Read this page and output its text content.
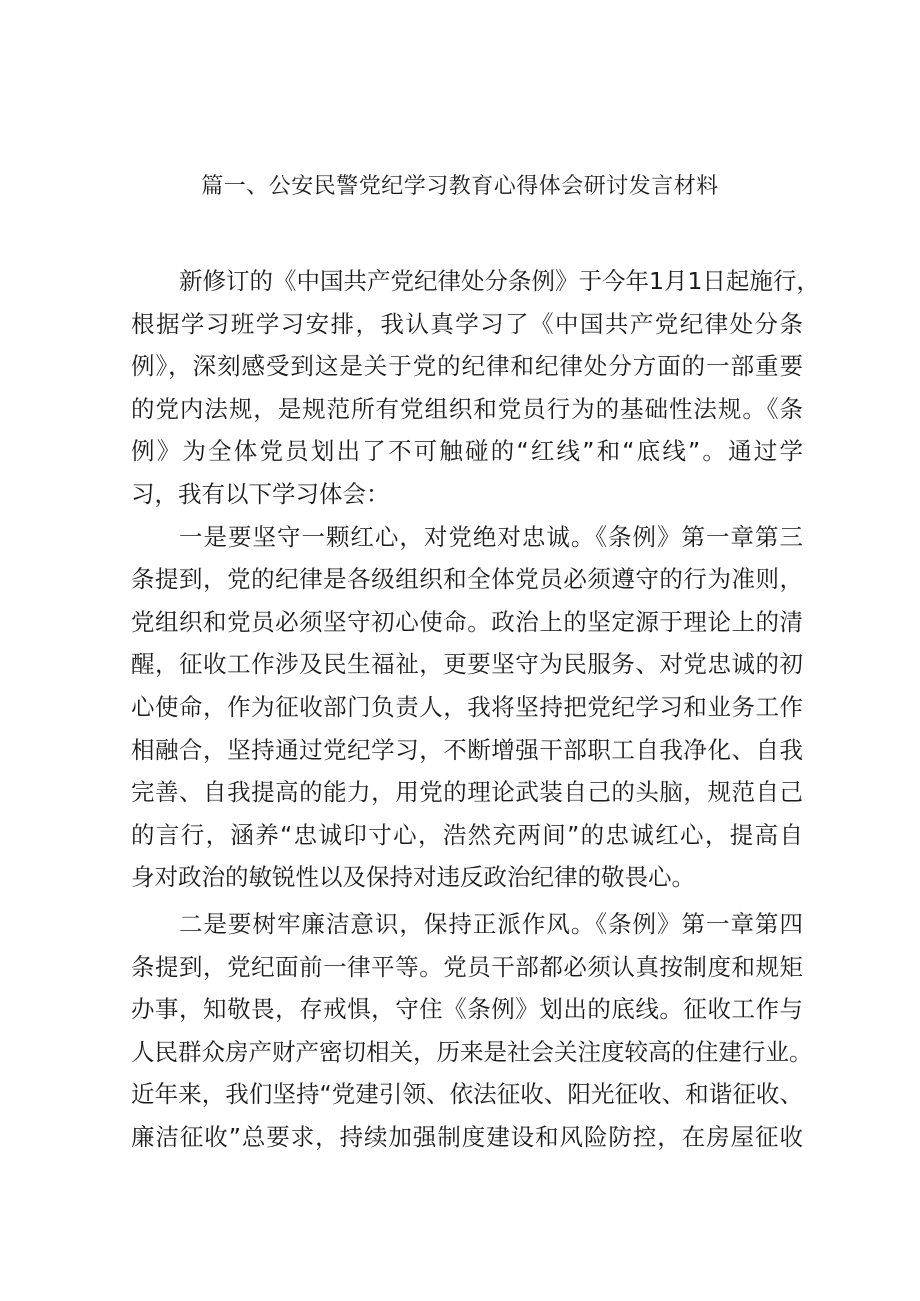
篇一、公安民警党纪学习教育心得体会研讨发言材料
新修订的《中国共产党纪律处分条例》于今年1月1日起施行，
根据学习班学习安排，我认真学习了《中国共产党纪律处分条
例》，深刻感受到这是关于党的纪律和纪律处分方面的一部重要
的党内法规，是规范所有党组织和党员行为的基础性法规。《条
例》为全体党员划出了不可触碰的“红线”和“底线”。通过学
习，我有以下学习体会：
一是要坚守一颗红心，对党绝对忠诚。《条例》第一章第三
条提到，党的纪律是各级组织和全体党员必须遵守的行为准则，
党组织和党员必须坚守初心使命。政治上的坚定源于理论上的清
醒，征收工作涉及民生福祉，更要坚守为民服务、对党忠诚的初
心使命，作为征收部门负责人，我将坚持把党纪学习和业务工作
相融合，坚持通过党纪学习，不断增强干部职工自我净化、自我
完善、自我提高的能力，用党的理论武装自己的头脑，规范自己
的言行，涵养“忠诚印寸心，浩然充两间”的忠诚红心，提高自
身对政治的敏锐性以及保持对违反政治纪律的敬畏心。
二是要树牢廉洁意识，保持正派作风。《条例》第一章第四
条提到，党纪面前一律平等。党员干部都必须认真按制度和规矩
办事，知敬畏，存戒惧，守住《条例》划出的底线。征收工作与
人民群众房产财产密切相关，历来是社会关注度较高的住建行业。
近年来，我们坚持“党建引领、依法征收、阳光征收、和谐征收、
廉洁征收”总要求，持续加强制度建设和风险防控，在房屋征收
